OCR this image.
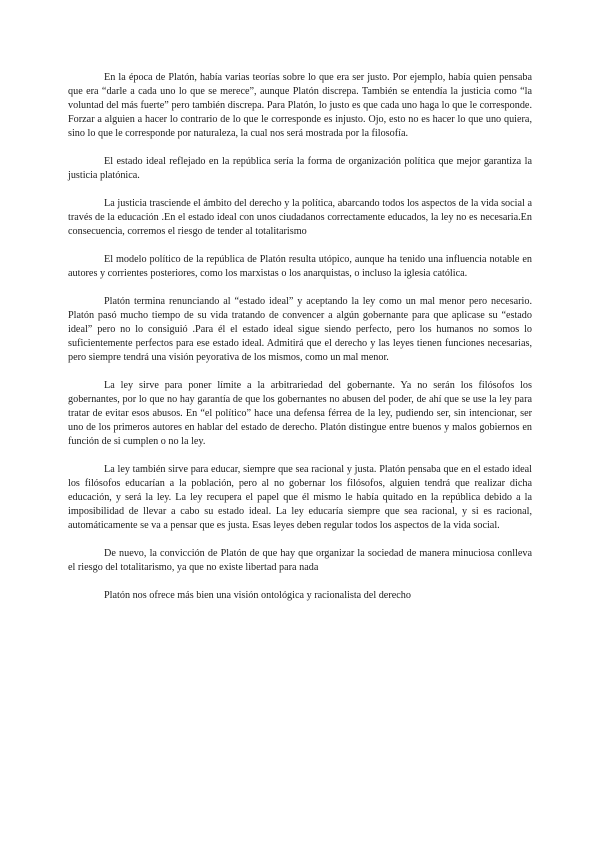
En la época de Platón, había varias teorías sobre lo que era ser justo. Por ejemplo, había quien pensaba que era “darle a cada uno lo que se merece”, aunque Platón discrepa. También se entendía la justicia como “la voluntad del más fuerte” pero también discrepa. Para Platón, lo justo es que cada uno haga lo que le corresponde. Forzar a alguien a hacer lo contrario de lo que le corresponde es injusto. Ojo, esto no es hacer lo que uno quiera, sino lo que le corresponde por naturaleza, la cual nos será mostrada por la filosofía.

El estado ideal reflejado en la república sería la forma de organización política que mejor garantiza la justicia platónica.

La justicia trasciende el ámbito del derecho y la política, abarcando todos los aspectos de la vida social a través de la educación .En el estado ideal con unos ciudadanos correctamente educados, la ley no es necesaria.En consecuencia, corremos el riesgo de tender al totalitarismo

El modelo político de la república de Platón resulta utópico, aunque ha tenido una influencia notable en autores y corrientes posteriores, como los marxistas o los anarquistas, o incluso la iglesia católica.

Platón termina renunciando al “estado ideal” y aceptando la ley como un mal menor pero necesario. Platón pasó mucho tiempo de su vida tratando de convencer a algún gobernante para que aplicase su “estado ideal” pero no lo consiguió .Para él el estado ideal sigue siendo perfecto, pero los humanos no somos lo suficientemente perfectos para ese estado ideal. Admitirá que el derecho y las leyes tienen funciones necesarias, pero siempre tendrá una visión peyorativa de los mismos, como un mal menor.

La ley sirve para poner límite a la arbitrariedad del gobernante. Ya no serán los filósofos los gobernantes, por lo que no hay garantía de que los gobernantes no abusen del poder, de ahí que se use la ley para tratar de evitar esos abusos. En “el político” hace una defensa férrea de la ley, pudiendo ser, sin intencionar, ser uno de los primeros autores en hablar del estado de derecho. Platón distingue entre buenos y malos gobiernos en función de si cumplen o no la ley.

La ley también sirve para educar, siempre que sea racional y justa. Platón pensaba que en el estado ideal los filósofos educarían a la población, pero al no gobernar los filósofos, alguien tendrá que realizar dicha educación, y será la ley. La ley recupera el papel que él mismo le había quitado en la república debido a la imposibilidad de llevar a cabo su estado ideal. La ley educaría siempre que sea racional, y si es racional, automáticamente se va a pensar que es justa. Esas leyes deben regular todos los aspectos de la vida social.

De nuevo, la convicción de Platón de que hay que organizar la sociedad de manera minuciosa conlleva el riesgo del totalitarismo, ya que no existe libertad para nada

Platón nos ofrece más bien una visión ontológica y racionalista del derecho
